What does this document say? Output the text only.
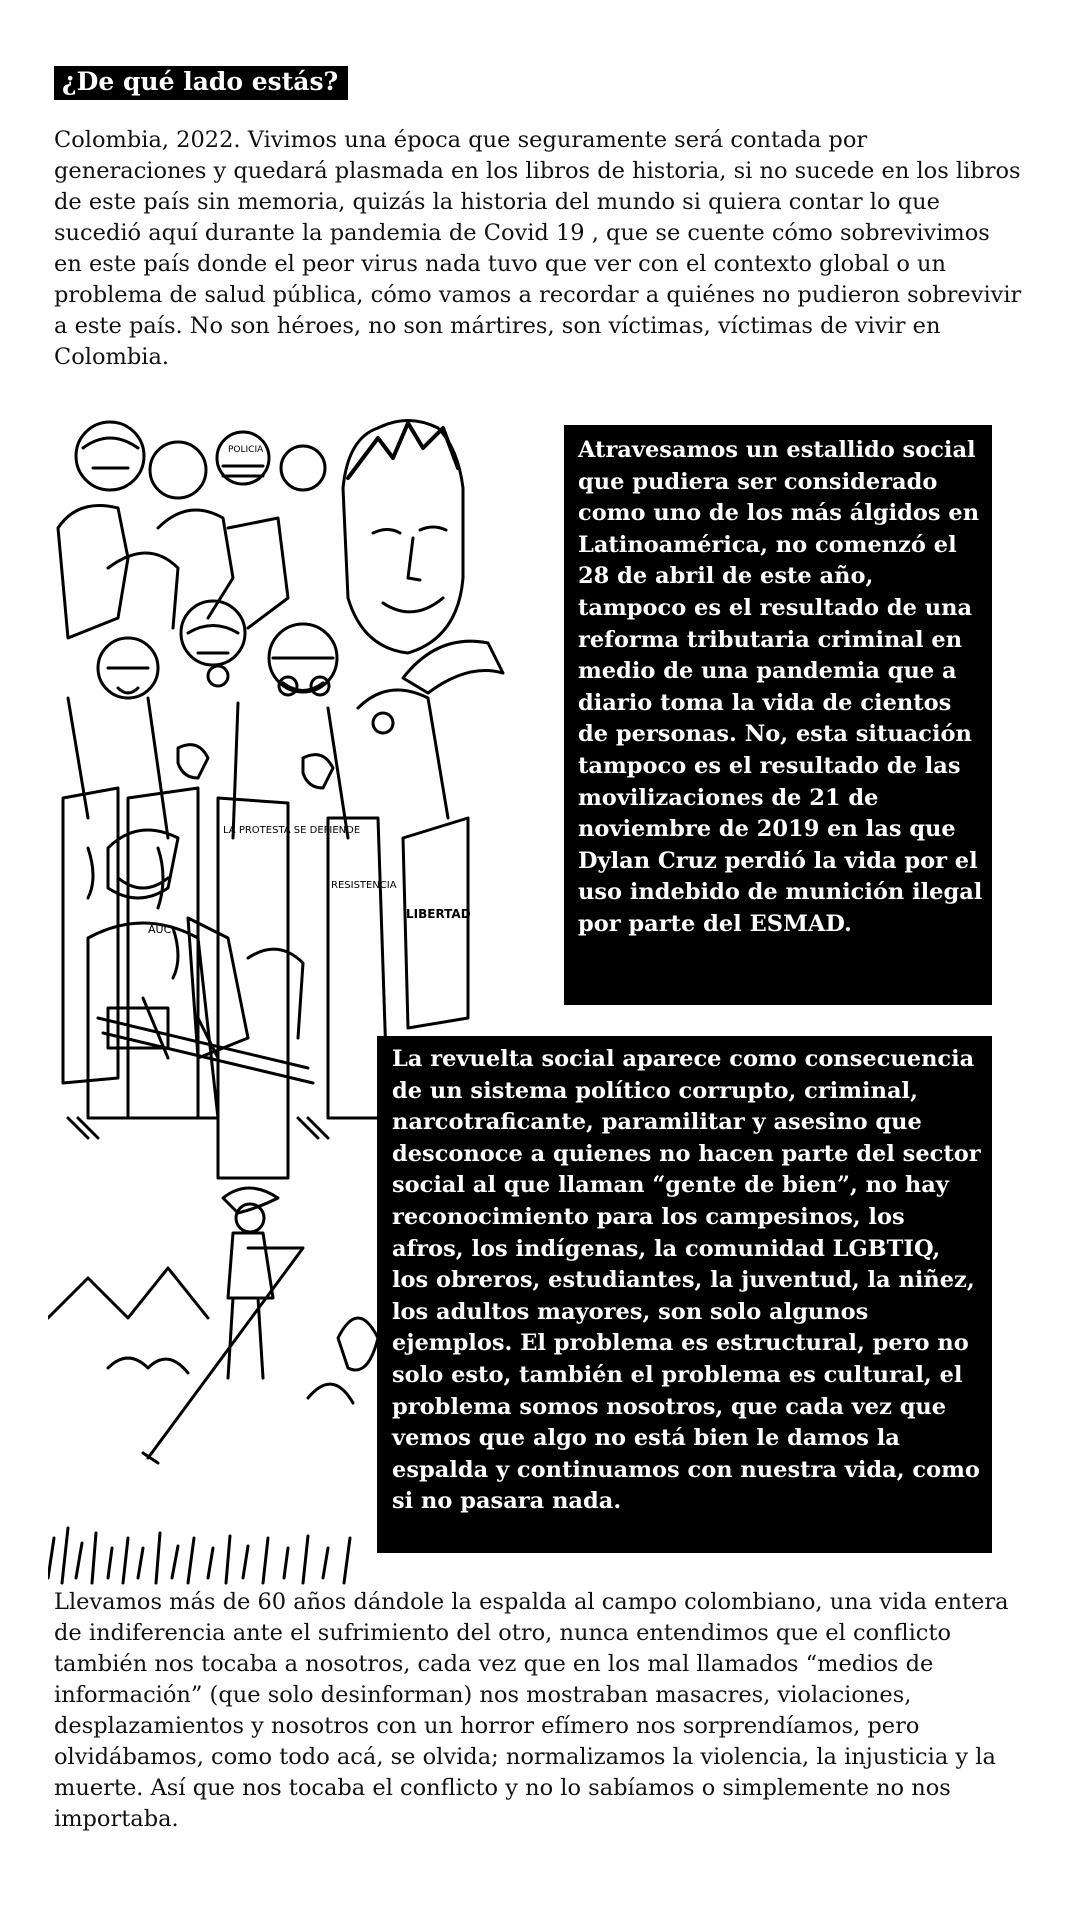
¿De qué lado estás?

Colombia, 2022. Vivimos una época que seguramente será contada por generaciones y quedará plasmada en los libros de historia, si no sucede en los libros de este país sin memoria, quizás la historia del mundo si quiera contar lo que sucedió aquí durante la pandemia de Covid 19 , que se cuente cómo sobrevivimos en este país donde el peor virus nada tuvo que ver con el contexto global o un problema de salud pública, cómo vamos a recordar a quiénes no pudieron sobrevivir a este país. No son héroes, no son mártires, son víctimas, víctimas de vivir en Colombia.

POLICIA
LA PROTESTA SE DEFIENDE
RESISTENCIA
LIBERTAD
AUC
Atravesamos un estallido social que pudiera ser considerado como uno de los más álgidos en Latinoamérica, no comenzó el 28 de abril de este año, tampoco es el resultado de una reforma tributaria criminal en medio de una pandemia que a diario toma la vida de cientos de personas. No, esta situación tampoco es el resultado de las movilizaciones de 21 de noviembre de 2019 en las que Dylan Cruz perdió la vida por el uso indebido de munición ilegal por parte del ESMAD.
La revuelta social aparece como consecuencia de un sistema político corrupto, criminal, narcotraficante, paramilitar y asesino que desconoce a quienes no hacen parte del sector social al que llaman “gente de bien”, no hay reconocimiento para los campesinos, los afros, los indígenas, la comunidad LGBTIQ, los obreros, estudiantes, la juventud, la niñez, los adultos mayores, son solo algunos ejemplos. El problema es estructural, pero no solo esto, también el problema es cultural, el problema somos nosotros, que cada vez que vemos que algo no está bien le damos la espalda y continuamos con nuestra vida, como si no pasara nada.

Llevamos más de 60 años dándole la espalda al campo colombiano, una vida entera de indiferencia ante el sufrimiento del otro, nunca entendimos que el conflicto también nos tocaba a nosotros, cada vez que en los mal llamados “medios de información” (que solo desinforman) nos mostraban masacres, violaciones, desplazamientos y nosotros con un horror efímero nos sorprendíamos, pero olvidábamos, como todo acá, se olvida; normalizamos la violencia, la injusticia y la muerte. Así que nos tocaba el conflicto y no lo sabíamos o simplemente no nos importaba.
